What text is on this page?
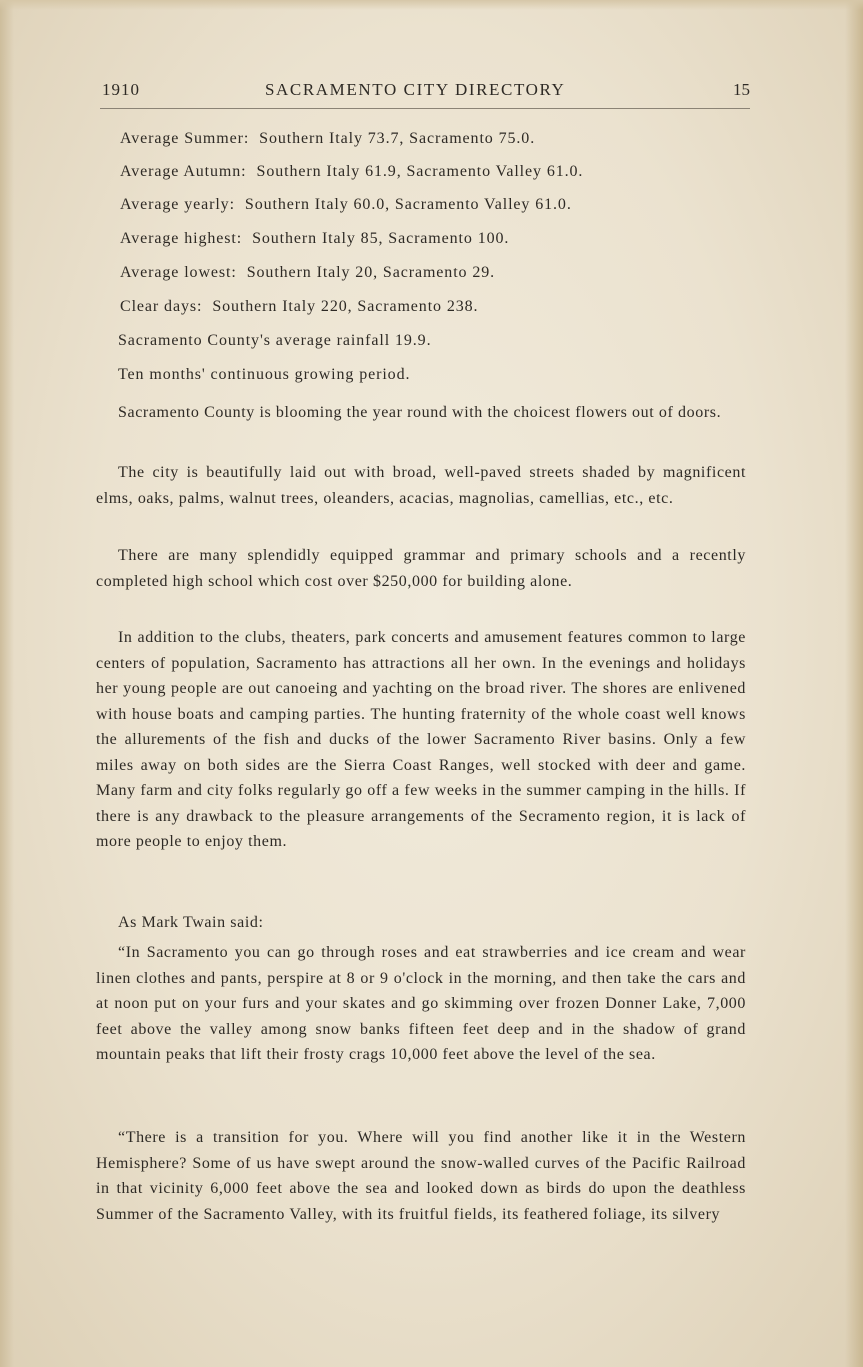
1910	SACRAMENTO CITY DIRECTORY	15
Average Summer: Southern Italy 73.7, Sacramento 75.0.
Average Autumn: Southern Italy 61.9, Sacramento Valley 61.0.
Average yearly: Southern Italy 60.0, Sacramento Valley 61.0.
Average highest: Southern Italy 85, Sacramento 100.
Average lowest: Southern Italy 20, Sacramento 29.
Clear days: Southern Italy 220, Sacramento 238.
Sacramento County's average rainfall 19.9.
Ten months' continuous growing period.
Sacramento County is blooming the year round with the choicest flowers out of doors.
The city is beautifully laid out with broad, well-paved streets shaded by magnificent elms, oaks, palms, walnut trees, oleanders, acacias, magnolias, camellias, etc., etc.
There are many splendidly equipped grammar and primary schools and a recently completed high school which cost over $250,000 for building alone.
In addition to the clubs, theaters, park concerts and amusement features common to large centers of population, Sacramento has attractions all her own. In the evenings and holidays her young people are out canoeing and yachting on the broad river. The shores are enlivened with house boats and camping parties. The hunting fraternity of the whole coast well knows the allurements of the fish and ducks of the lower Sacramento River basins. Only a few miles away on both sides are the Sierra Coast Ranges, well stocked with deer and game. Many farm and city folks regularly go off a few weeks in the summer camping in the hills. If there is any drawback to the pleasure arrangements of the Secramento region, it is lack of more people to enjoy them.
As Mark Twain said:
“In Sacramento you can go through roses and eat strawberries and ice cream and wear linen clothes and pants, perspire at 8 or 9 o'clock in the morning, and then take the cars and at noon put on your furs and your skates and go skimming over frozen Donner Lake, 7,000 feet above the valley among snow banks fifteen feet deep and in the shadow of grand mountain peaks that lift their frosty crags 10,000 feet above the level of the sea.
“There is a transition for you. Where will you find another like it in the Western Hemisphere? Some of us have swept around the snow-walled curves of the Pacific Railroad in that vicinity 6,000 feet above the sea and looked down as birds do upon the deathless Summer of the Sacramento Valley, with its fruitful fields, its feathered foliage, its silvery
